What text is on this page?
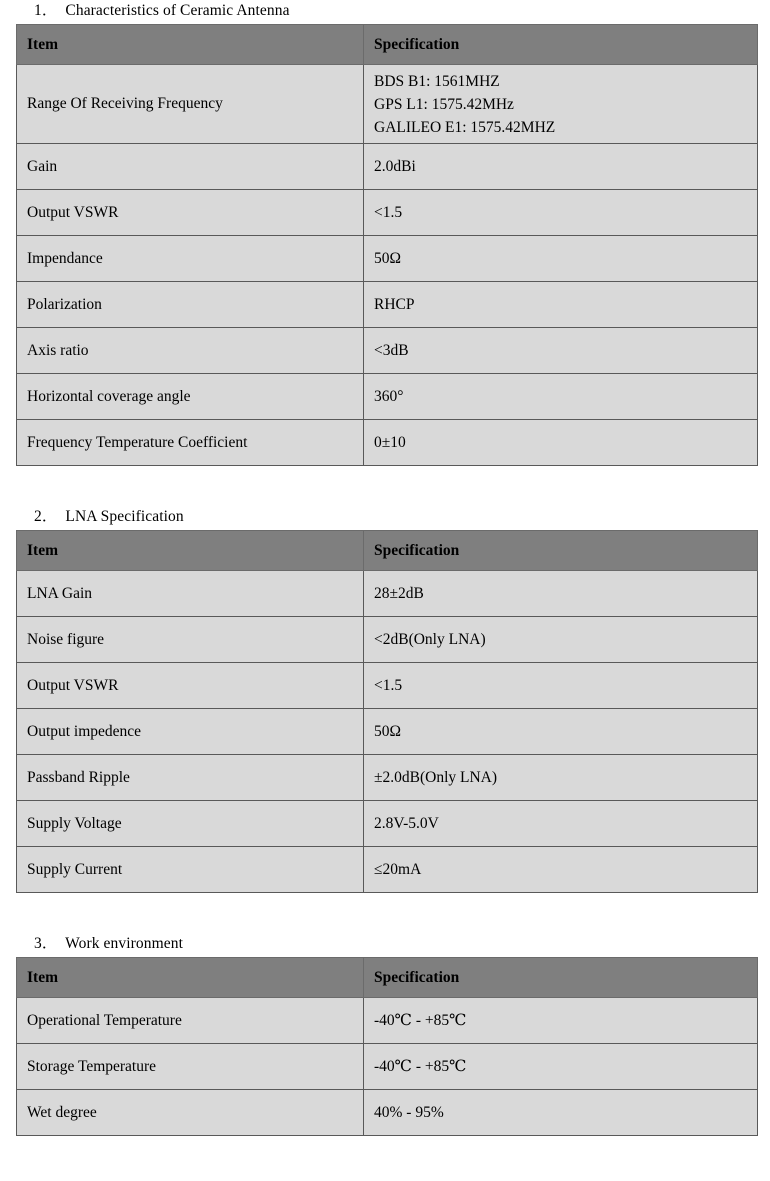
1．  Characteristics of Ceramic Antenna
Item	Specification
Range Of Receiving Frequency	BDS B1: 1561MHZ
GPS L1: 1575.42MHz
GALILEO E1: 1575.42MHZ

Gain	2.0dBi
Output VSWR	<1.5
Impendance	50Ω
Polarization	RHCP
Axis ratio	<3dB
Horizontal coverage angle	360°
Frequency Temperature Coefficient	0±10
2．  LNA Specification
Item	Specification
LNA Gain	28±2dB
Noise figure	<2dB(Only LNA)
Output VSWR	<1.5
Output impedence	50Ω
Passband Ripple	±2.0dB(Only LNA)
Supply Voltage	2.8V-5.0V
Supply Current	≤20mA
3．  Work environment
Item	Specification
Operational Temperature	-40℃ - +85℃
Storage Temperature	-40℃ - +85℃
Wet degree	40% - 95%
